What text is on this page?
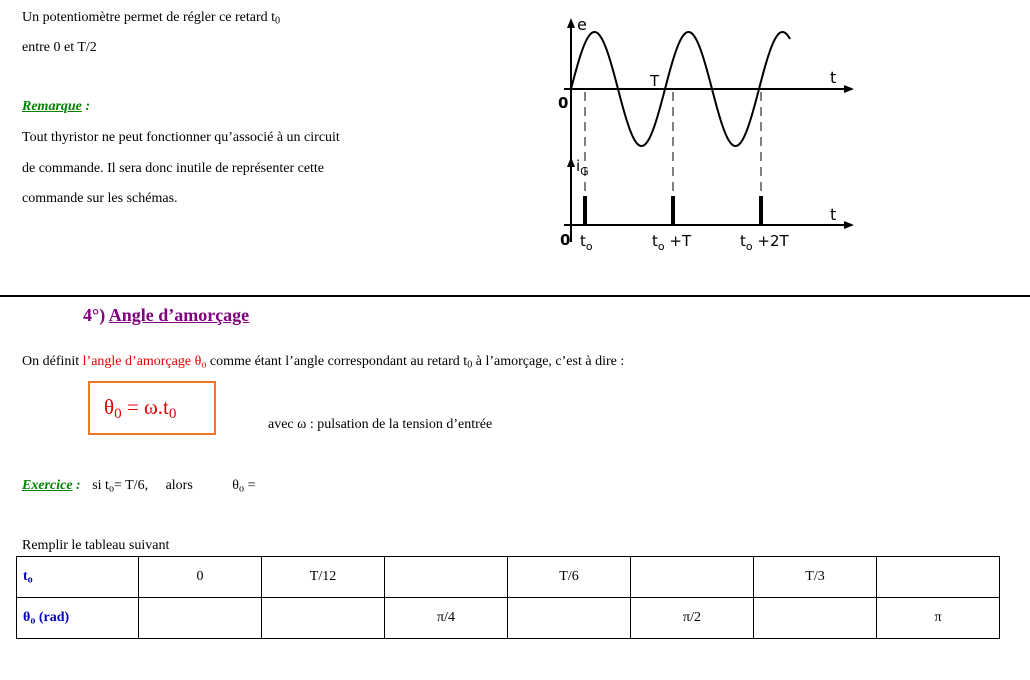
Un potentiomètre permet de régler ce retard $t_0$
entre 0 et T/2
Remarque :
Tout thyristor ne peut fonctionner qu’associé à un circuit
de commande. Il sera donc inutile de représenter cette
commande sur les schémas.
e
t
T
0
$i_G$
t
0 $t_o$	$t_o +T$	$t_o +2T$
4°) Angle d’amorçage
On définit l’angle d’amorçage $\theta_o$ comme étant l’angle correspondant au retard $t_0$ à l’amorçage, c’est à dire :
$\theta_0 = \omega.t_0$
avec ω : pulsation de la tension d’entrée
Exercice : si $t_o= T/6$, alors	$\theta_o$ =
Remplir le tableau suivant
$t_o$	0	T/12		T/6		T/3	
$\theta_o$ (rad)			π/4		π/2		π
